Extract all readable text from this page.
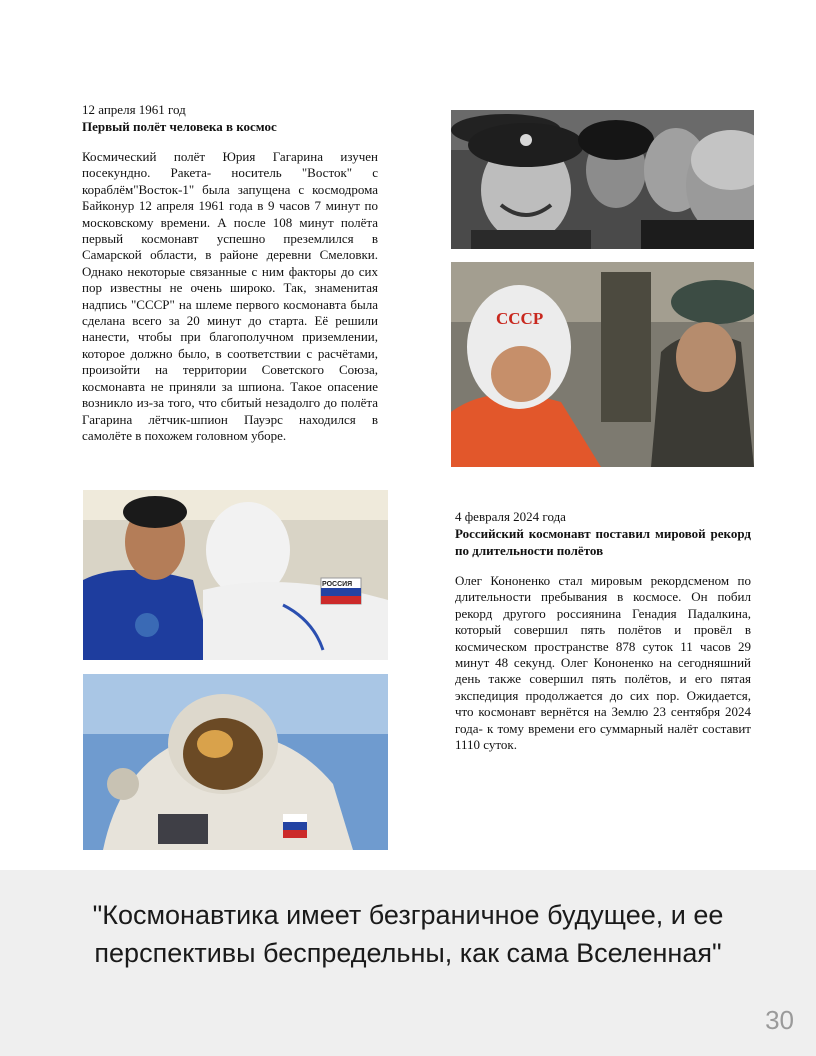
12 апреля 1961 год
Первый полёт человека в космос
Космический полёт Юрия Гагарина изучен посекундно. Ракета- носитель "Восток" с кораблём"Восток-1" была запущена с космодрома Байконур 12 апреля 1961 года в 9 часов 7 минут по московскому времени. А после 108 минут полёта первый космонавт успешно преземлился в Самарской области, в районе деревни Смеловки. Однако некоторые связанные с ним факторы до сих пор известны не очень широко. Так, знаменитая надпись "СССР" на шлеме первого космонавта была сделана всего за 20 минут до старта. Её решили нанести, чтобы при благополучном приземлении, которое должно было, в соответствии с расчётами, произойти на территории Советского Союза, космонавта не приняли за шпиона. Такое опасение возникло из-за того, что сбитый незадолго до полёта Гагарина лётчик-шпион Пауэрс находился в самолёте в похожем головном уборе.
4 февраля 2024 года
Российский космонавт поставил мировой рекорд по длительности полётов
Олег Кононенко стал мировым рекордсменом по длительности пребывания в космосе. Он побил рекорд другого россиянина Генадия Падалкина, который совершил пять полётов и провёл в космическом пространстве 878 суток 11 часов 29 минут 48 секунд. Олег Кононенко на сегодняшний день также совершил пять полётов, и его пятая экспедиция продолжается до сих пор. Ожидается, что космонавт вернётся на Землю 23 сентября 2024 года- к тому времени его суммарный налёт составит 1110 суток.
СССР
РОССИЯ
"Космонавтика имеет безграничное будущее, и ее перспективы беспредельны, как сама Вселенная"
30
